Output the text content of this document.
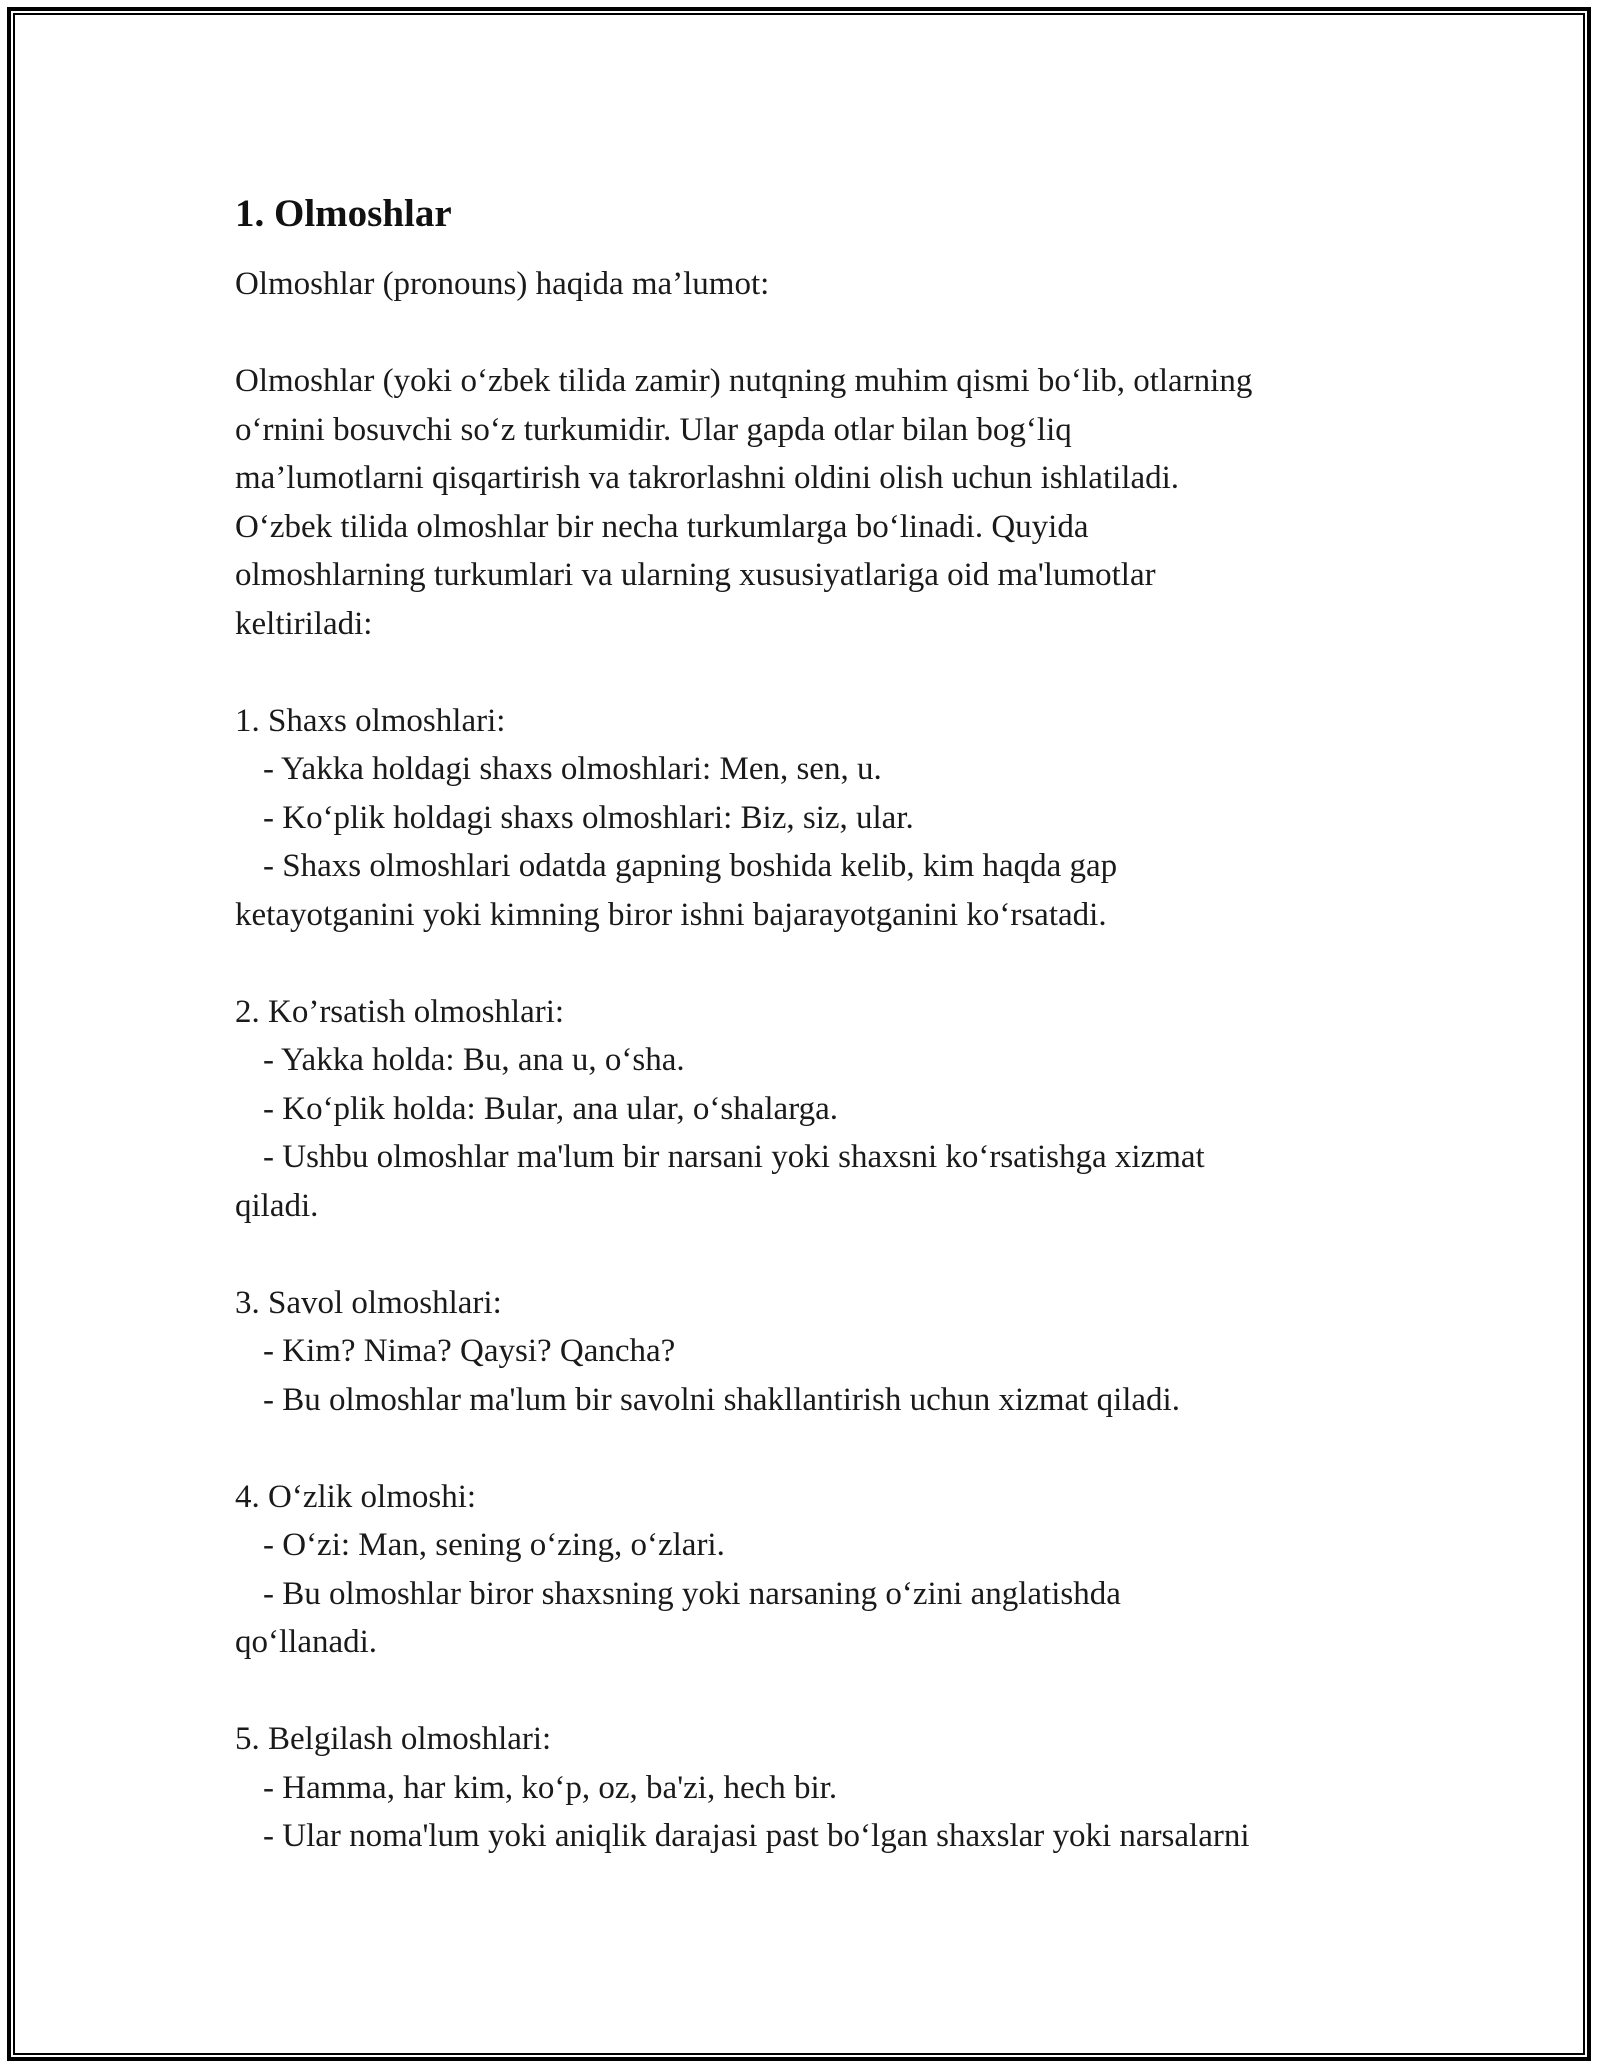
1. Olmoshlar

Olmoshlar (pronouns) haqida ma’lumot:

Olmoshlar (yoki o‘zbek tilida zamir) nutqning muhim qismi bo‘lib, otlarning
o‘rnini bosuvchi so‘z turkumidir. Ular gapda otlar bilan bog‘liq
ma’lumotlarni qisqartirish va takrorlashni oldini olish uchun ishlatiladi.
O‘zbek tilida olmoshlar bir necha turkumlarga bo‘linadi. Quyida
olmoshlarning turkumlari va ularning xususiyatlariga oid ma'lumotlar
keltiriladi:

1. Shaxs olmoshlari:

- Yakka holdagi shaxs olmoshlari: Men, sen, u.

- Ko‘plik holdagi shaxs olmoshlari: Biz, siz, ular.

- Shaxs olmoshlari odatda gapning boshida kelib, kim haqda gap

ketayotganini yoki kimning biror ishni bajarayotganini ko‘rsatadi.

2. Ko’rsatish olmoshlari:

- Yakka holda: Bu, ana u, o‘sha.

- Ko‘plik holda: Bular, ana ular, o‘shalarga.

- Ushbu olmoshlar ma'lum bir narsani yoki shaxsni ko‘rsatishga xizmat

qiladi.

3. Savol olmoshlari:

- Kim? Nima? Qaysi? Qancha?

- Bu olmoshlar ma'lum bir savolni shakllantirish uchun xizmat qiladi.

4. O‘zlik olmoshi:

- O‘zi: Man, sening o‘zing, o‘zlari.

- Bu olmoshlar biror shaxsning yoki narsaning o‘zini anglatishda

qo‘llanadi.

5. Belgilash olmoshlari:

- Hamma, har kim, ko‘p, oz, ba'zi, hech bir.

- Ular noma'lum yoki aniqlik darajasi past bo‘lgan shaxslar yoki narsalarni
